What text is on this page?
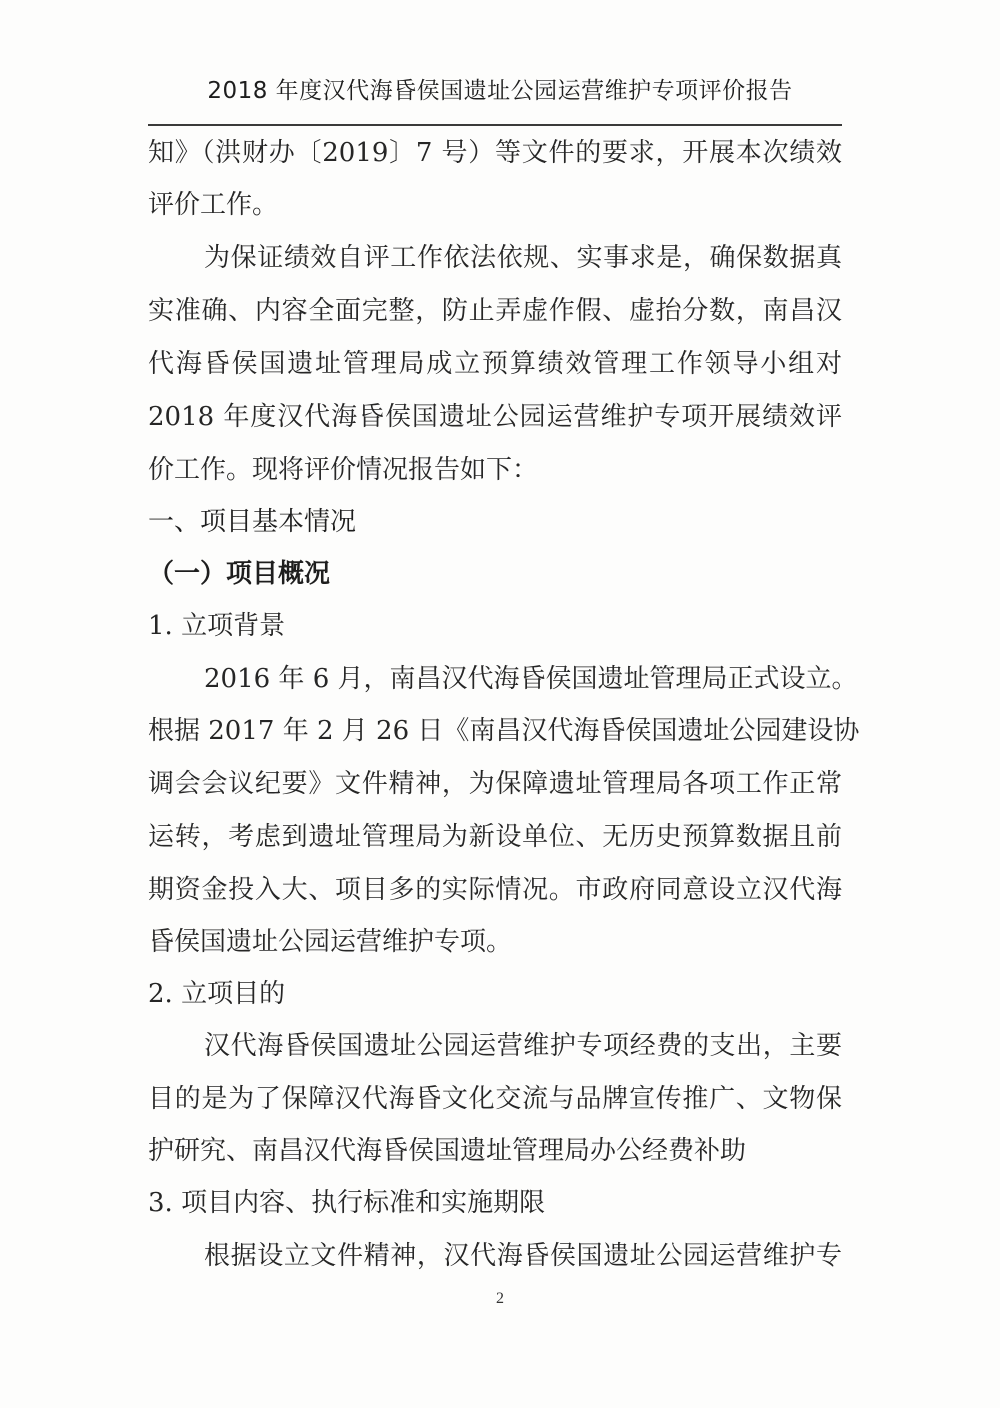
2018 年度汉代海昏侯国遗址公园运营维护专项评价报告
知》（洪财办〔2019〕7 号）等文件的要求，开展本次绩效
评价工作。
为保证绩效自评工作依法依规、实事求是，确保数据真
实准确、内容全面完整，防止弄虚作假、虚抬分数，南昌汉
代海昏侯国遗址管理局成立预算绩效管理工作领导小组对
2018 年度汉代海昏侯国遗址公园运营维护专项开展绩效评
价工作。现将评价情况报告如下：
一、项目基本情况
（一）项目概况
1. 立项背景
2016 年 6 月，南昌汉代海昏侯国遗址管理局正式设立。
根据 2017 年 2 月 26 日《南昌汉代海昏侯国遗址公园建设协
调会会议纪要》文件精神，为保障遗址管理局各项工作正常
运转，考虑到遗址管理局为新设单位、无历史预算数据且前
期资金投入大、项目多的实际情况。市政府同意设立汉代海
昏侯国遗址公园运营维护专项。
2. 立项目的
汉代海昏侯国遗址公园运营维护专项经费的支出，主要
目的是为了保障汉代海昏文化交流与品牌宣传推广、文物保
护研究、南昌汉代海昏侯国遗址管理局办公经费补助
3. 项目内容、执行标准和实施期限
根据设立文件精神，汉代海昏侯国遗址公园运营维护专
2
